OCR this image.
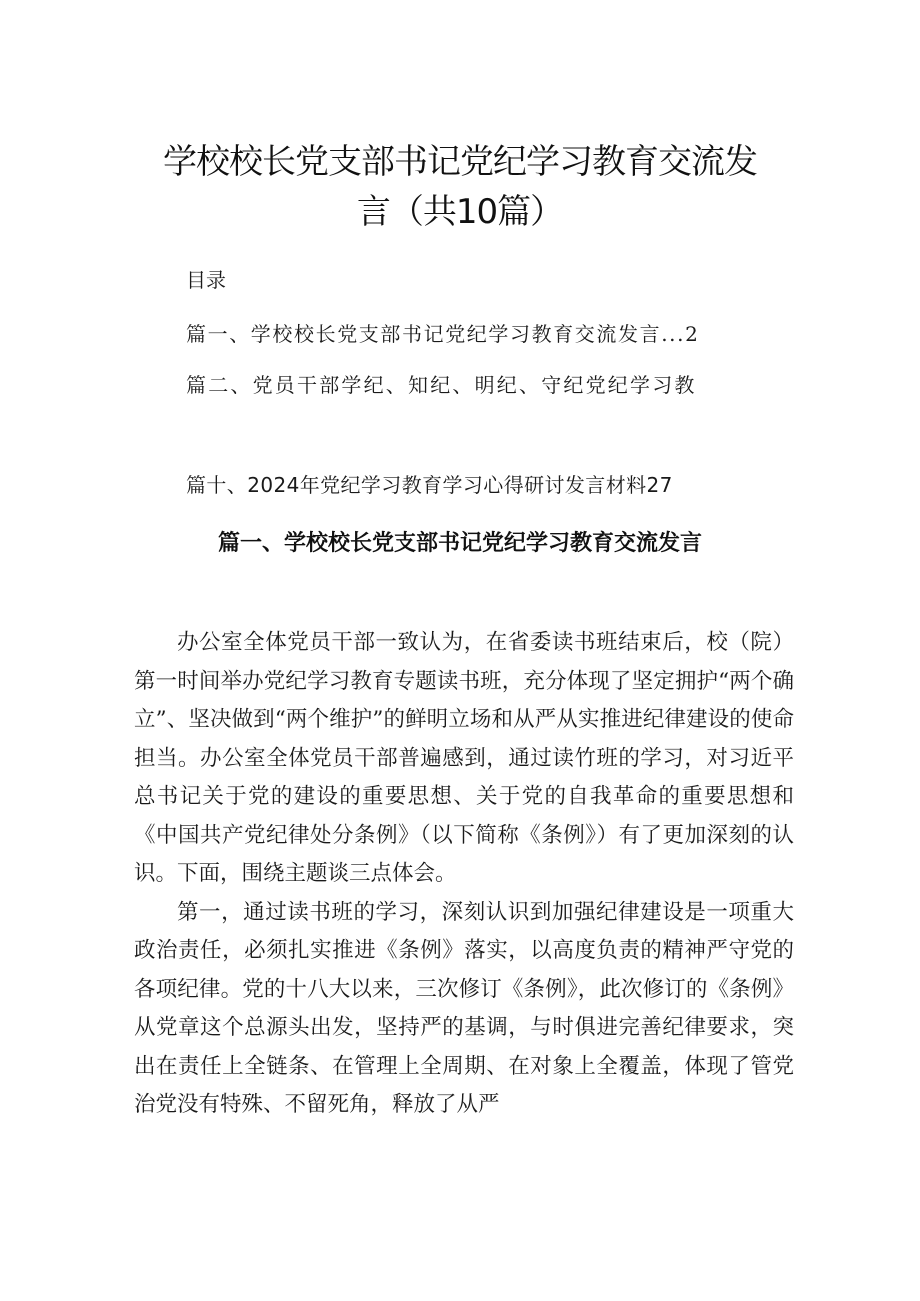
学校校长党支部书记党纪学习教育交流发
言（共10篇）

目录

篇一、学校校长党支部书记党纪学习教育交流发言...2

篇二、党员干部学纪、知纪、明纪、守纪党纪学习教

篇十、2024年党纪学习教育学习心得研讨发言材料27

篇一、学校校长党支部书记党纪学习教育交流发言

办公室全体党员干部一致认为，在省委读书班结束后，校（院）第一时间举办党纪学习教育专题读书班，充分体现了坚定拥护“两个确立”、坚决做到“两个维护”的鲜明立场和从严从实推进纪律建设的使命担当。办公室全体党员干部普遍感到，通过读竹班的学习，对习近平总书记关于党的建设的重要思想、关于党的自我革命的重要思想和《中国共产党纪律处分条例》（以下简称《条例》）有了更加深刻的认识。下面，围绕主题谈三点体会。

第一，通过读书班的学习，深刻认识到加强纪律建设是一项重大政治责任，必须扎实推进《条例》落实，以高度负责的精神严守党的各项纪律。党的十八大以来，三次修订《条例》，此次修订的《条例》从党章这个总源头出发，坚持严的基调，与时俱进完善纪律要求，突出在责任上全链条、在管理上全周期、在对象上全覆盖，体现了管党治党没有特殊、不留死角，释放了从严
